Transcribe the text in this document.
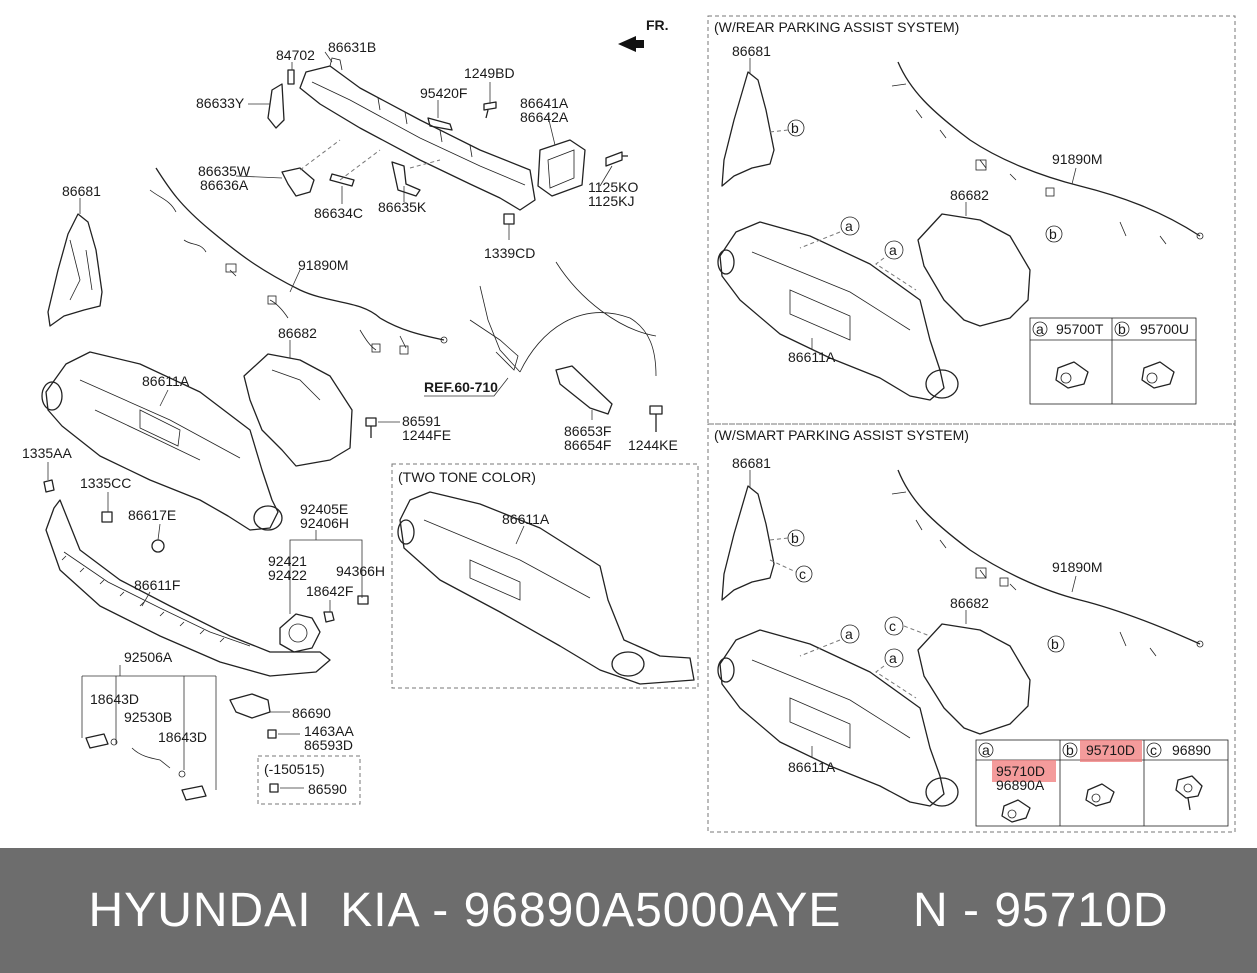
FR.
84702 86631B
86633Y
95420F
1249BD
86641A
86642A
86635W
86636A
86634C 86635K
1125KO
1125KJ
1339CD
86681
91890M
86682
86611A
86591
1244FE
REF.60-710
86653F
86654F 1244KE
1335AA
1335CC
86617E
86611F
92405E
92406H
92421
92422 94366H
18642F
92506A
18643D
92530B
18643D
86690
1463AA
86593D
(-150515)
86590
(TWO TONE COLOR)
86611A
(W/REAR PARKING ASSIST SYSTEM)
86681
b
91890M
86682
b
a
a
86611A
a 95700T b 95700U
(W/SMART PARKING ASSIST SYSTEM)
86681
b
c	91890M
86682
b
c
a
a
86611A
a
95710D
96890A
b 95710D c 96890
HYUNDAI  KIA - 96890A5000AYE     N - 95710D
